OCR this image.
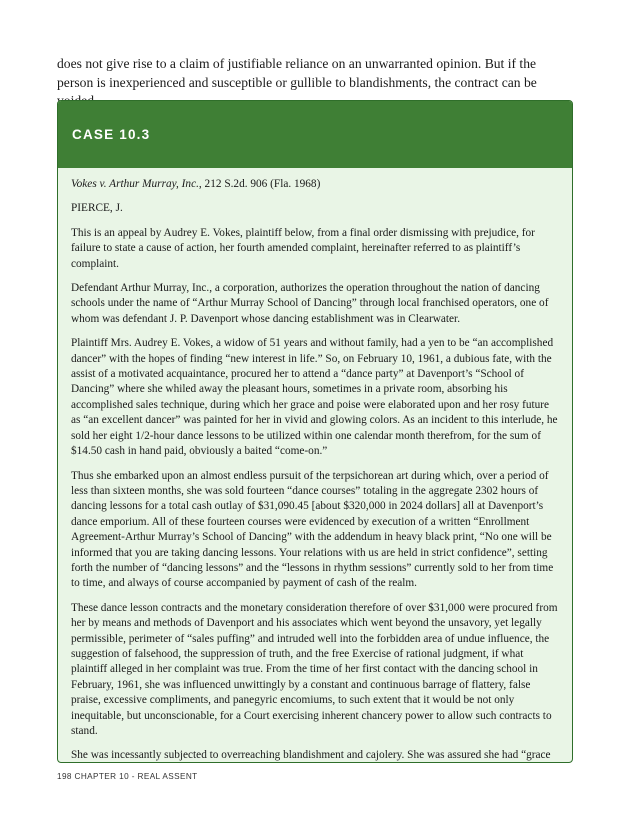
does not give rise to a claim of justifiable reliance on an unwarranted opinion. But if the person is inexperienced and susceptible or gullible to blandishments, the contract can be

CASE 10.3

Vokes v. Arthur Murray, Inc., 212 S.2d. 906 (Fla. 1968)

PIERCE, J.

This is an appeal by Audrey E. Vokes, plaintiff below, from a final order dismissing with prejudice, for failure to state a cause of action, her fourth amended complaint, hereinafter referred to as plaintiff’s complaint.

Defendant Arthur Murray, Inc., a corporation, authorizes the operation throughout the nation of dancing schools under the name of “Arthur Murray School of Dancing” through local franchised operators, one of whom was defendant J. P. Davenport whose dancing establishment was in Clearwater.

Plaintiff Mrs. Audrey E. Vokes, a widow of 51 years and without family, had a yen to be “an accomplished dancer” with the hopes of finding “new interest in life.” So, on February 10, 1961, a dubious fate, with the assist of a motivated acquaintance, procured her to attend a “dance party” at Davenport’s “School of Dancing” where she whiled away the pleasant hours, sometimes in a private room, absorbing his accomplished sales technique, during which her grace and poise were elaborated upon and her rosy future as “an excellent dancer” was painted for her in vivid and glowing colors. As an incident to this interlude, he sold her eight 1/2-hour dance lessons to be utilized within one calendar month therefrom, for the sum of $14.50 cash in hand paid, obviously a baited “come-on.”

Thus she embarked upon an almost endless pursuit of the terpsichorean art during which, over a period of less than sixteen months, she was sold fourteen “dance courses” totaling in the aggregate 2302 hours of dancing lessons for a total cash outlay of $31,090.45 [about $320,000 in 2024 dollars] all at Davenport’s dance emporium. All of these fourteen courses were evidenced by execution of a written “Enrollment Agreement-Arthur Murray’s School of Dancing” with the addendum in heavy black print, “No one will be informed that you are taking dancing lessons. Your relations with us are held in strict confidence”, setting forth the number of “dancing lessons” and the “lessons in rhythm sessions” currently sold to her from time to time, and always of course accompanied by payment of cash of the realm.

These dance lesson contracts and the monetary consideration therefore of over $31,000 were procured from her by means and methods of Davenport and his associates which went beyond the unsavory, yet legally permissible, perimeter of “sales puffing” and intruded well into the forbidden area of undue influence, the suggestion of falsehood, the suppression of truth, and the free Exercise of rational judgment, if what plaintiff alleged in her complaint was true. From the time of her first contact with the dancing school in February, 1961, she was influenced unwittingly by a constant and continuous barrage of flattery, false praise, excessive compliments, and panegyric encomiums, to such extent that it would be not only inequitable, but unconscionable, for a Court exercising inherent chancery power to allow such contracts to stand.

She was incessantly subjected to overreaching blandishment and cajolery. She was assured she had “grace

198 CHAPTER 10 - REAL ASSENT
